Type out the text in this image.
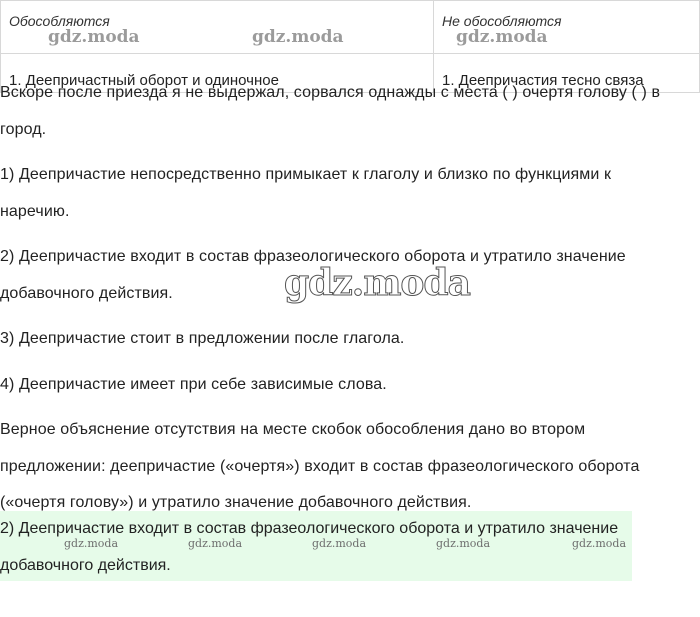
Обособляются	Не обособляются
1. Деепричастный оборот и одиночное	1. Деепричастия тесно связа
gdz.moda	gdz.moda	gdz.moda

Вскоре после приезда я не выдержал, сорвался однажды с места ( ) очертя голову ( ) в город.

1) Деепричастие непосредственно примыкает к глаголу и близко по функциями к наречию.

2) Деепричастие входит в состав фразеологического оборота и утратило значение добавочного действия.

3) Деепричастие стоит в предложении после глагола.

4) Деепричастие имеет при себе зависимые слова.

Верное объяснение отсутствия на месте скобок обособления дано во втором предложении: деепричастие («очертя») входит в состав фразеологического оборота («очертя голову») и утратило значение добавочного действия.

gdz.moda

2) Деепричастие входит в состав фразеологического оборота и утратило значение добавочного действия.

gdz.moda	gdz.moda	gdz.moda	gdz.moda	gdz.moda
